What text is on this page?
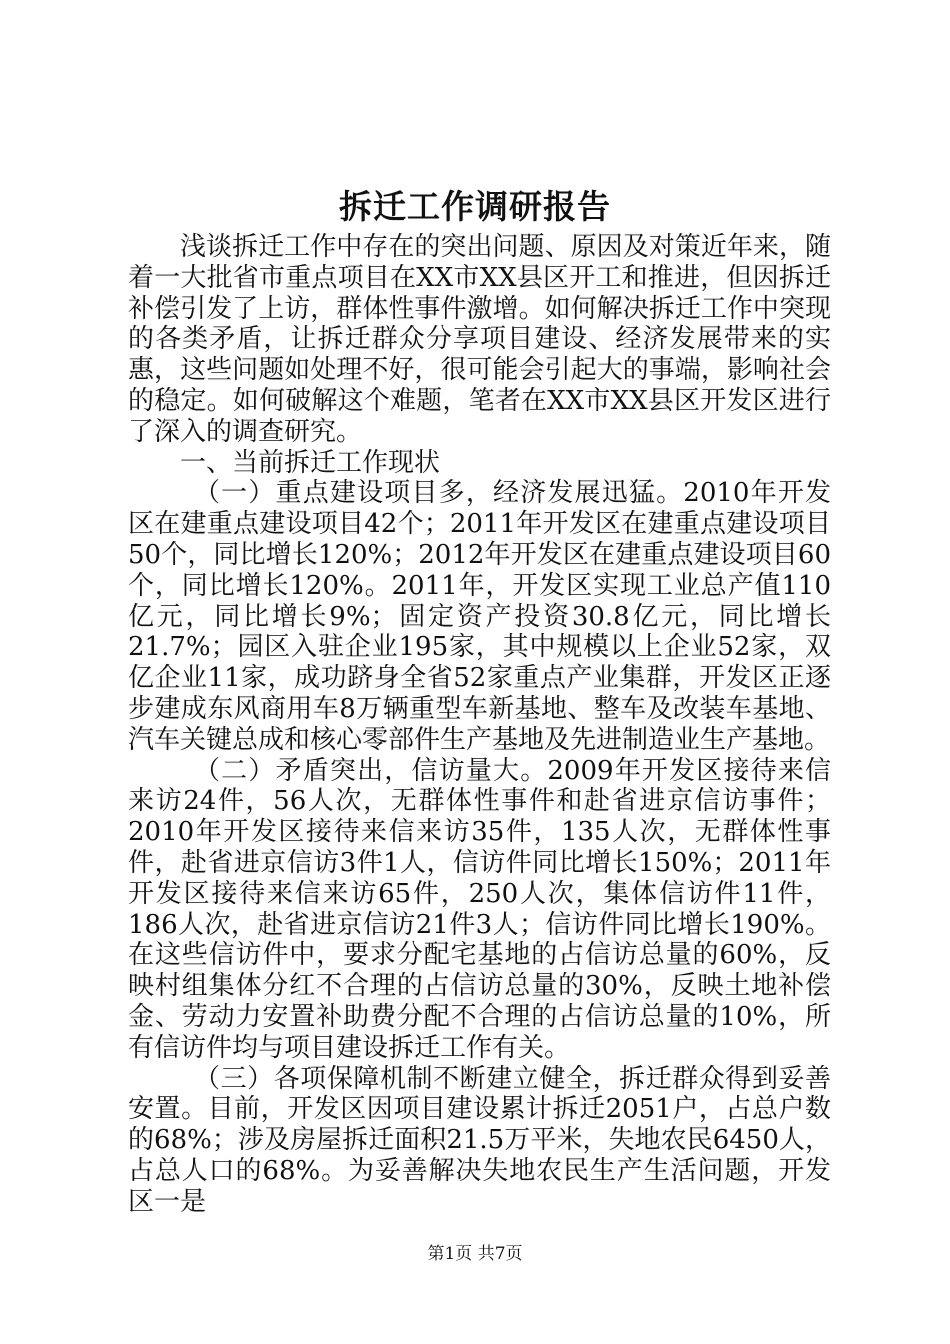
拆迁工作调研报告

浅谈拆迁工作中存在的突出问题、原因及对策近年来，随着一大批省市重点项目在XX市XX县区开工和推进，但因拆迁补偿引发了上访，群体性事件激增。如何解决拆迁工作中突现的各类矛盾，让拆迁群众分享项目建设、经济发展带来的实惠，这些问题如处理不好，很可能会引起大的事端，影响社会的稳定。如何破解这个难题，笔者在XX市XX县区开发区进行了深入的调查研究。

一、当前拆迁工作现状

（一）重点建设项目多，经济发展迅猛。2010年开发区在建重点建设项目42个；2011年开发区在建重点建设项目50个，同比增长120%；2012年开发区在建重点建设项目60个，同比增长120%。2011年，开发区实现工业总产值110亿元，同比增长9%；固定资产投资30.8亿元，同比增长21.7%；园区入驻企业195家，其中规模以上企业52家，双亿企业11家，成功跻身全省52家重点产业集群，开发区正逐步建成东风商用车8万辆重型车新基地、整车及改装车基地、汽车关键总成和核心零部件生产基地及先进制造业生产基地。

（二）矛盾突出，信访量大。2009年开发区接待来信来访24件，56人次，无群体性事件和赴省进京信访事件；2010年开发区接待来信来访35件，135人次，无群体性事件，赴省进京信访3件1人，信访件同比增长150%；2011年开发区接待来信来访65件，250人次，集体信访件11件，186人次，赴省进京信访21件3人；信访件同比增长190%。在这些信访件中，要求分配宅基地的占信访总量的60%，反映村组集体分红不合理的占信访总量的30%，反映土地补偿金、劳动力安置补助费分配不合理的占信访总量的10%，所有信访件均与项目建设拆迁工作有关。

（三）各项保障机制不断建立健全，拆迁群众得到妥善安置。目前，开发区因项目建设累计拆迁2051户，占总户数的68%；涉及房屋拆迁面积21.5万平米，失地农民6450人，占总人口的68%。为妥善解决失地农民生产生活问题，开发区一是

第1页 共7页
